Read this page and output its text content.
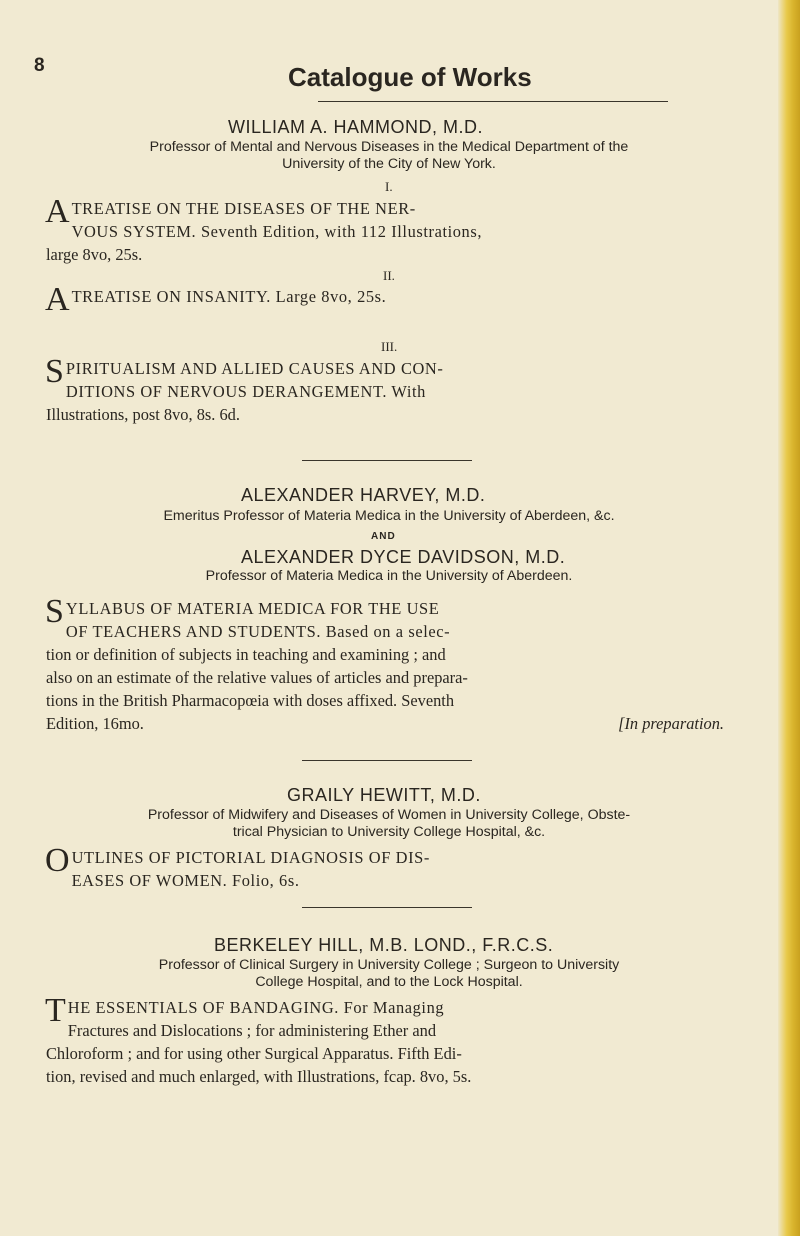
8	Catalogue of Works
WILLIAM A. HAMMOND, M.D.
Professor of Mental and Nervous Diseases in the Medical Department of the
University of the City of New York.
I.

A TREATISE ON THE DISEASES OF THE NER-
VOUS SYSTEM. Seventh Edition, with 112 Illustrations,
large 8vo, 25s.

II.

A TREATISE ON INSANITY. Large 8vo, 25s.

III.

S PIRITUALISM AND ALLIED CAUSES AND CON-
DITIONS OF NERVOUS DERANGEMENT. With
Illustrations, post 8vo, 8s. 6d.

ALEXANDER HARVEY, M.D.
Emeritus Professor of Materia Medica in the University of Aberdeen, &c.
AND
ALEXANDER DYCE DAVIDSON, M.D.
Professor of Materia Medica in the University of Aberdeen.

S YLLABUS OF MATERIA MEDICA FOR THE USE
OF TEACHERS AND STUDENTS. Based on a selec-
tion or definition of subjects in teaching and examining ; and
also on an estimate of the relative values of articles and prepara-
tions in the British Pharmacopœia with doses affixed. Seventh
Edition, 16mo.	[In preparation.

GRAILY HEWITT, M.D.
Professor of Midwifery and Diseases of Women in University College, Obste-
trical Physician to University College Hospital, &c.

O UTLINES OF PICTORIAL DIAGNOSIS OF DIS-
EASES OF WOMEN. Folio, 6s.

BERKELEY HILL, M.B. LOND., F.R.C.S.
Professor of Clinical Surgery in University College ; Surgeon to University
College Hospital, and to the Lock Hospital.

T HE ESSENTIALS OF BANDAGING. For Managing
Fractures and Dislocations ; for administering Ether and
Chloroform ; and for using other Surgical Apparatus. Fifth Edi-
tion, revised and much enlarged, with Illustrations, fcap. 8vo, 5s.
